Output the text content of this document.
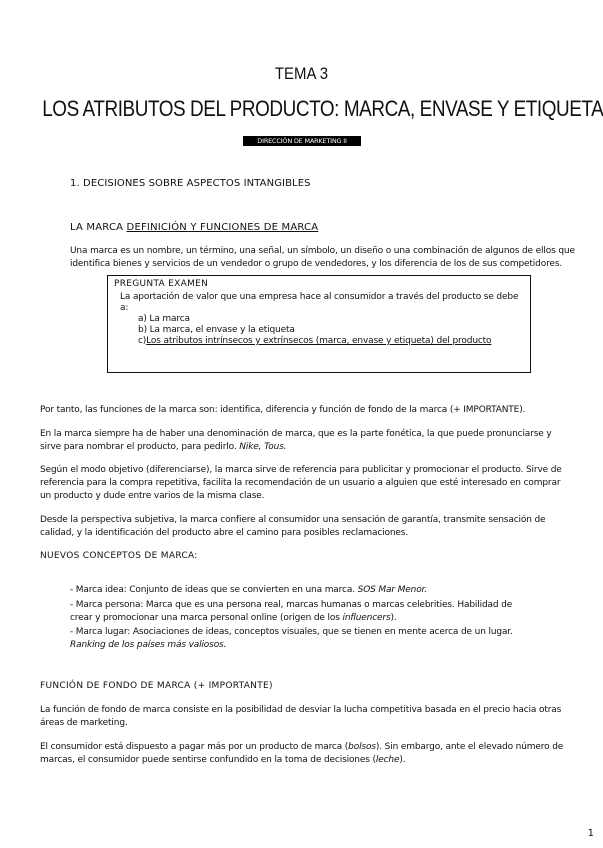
TEMA 3
LOS ATRIBUTOS DEL PRODUCTO: MARCA, ENVASE Y ETIQUETA
DIRECCIÓN DE MARKETING II
1. DECISIONES SOBRE ASPECTOS INTANGIBLES
LA MARCA DEFINICIÓN Y FUNCIONES DE MARCA
Una marca es un nombre, un término, una señal, un símbolo, un diseño o una combinación de algunos de ellos que
identifica bienes y servicios de un vendedor o grupo de vendedores, y los diferencia de los de sus competidores.
PREGUNTA EXAMEN
La aportación de valor que una empresa hace al consumidor a través del producto se debe
a:
a) La marca
b) La marca, el envase y la etiqueta
c)Los atributos intrínsecos y extrínsecos (marca, envase y etiqueta) del producto
Por tanto, las funciones de la marca son: identifica, diferencia y función de fondo de la marca (+ IMPORTANTE).
En la marca siempre ha de haber una denominación de marca, que es la parte fonética, la que puede pronunciarse y
sirve para nombrar el producto, para pedirlo. Nike, Tous.
Según el modo objetivo (diferenciarse), la marca sirve de referencia para publicitar y promocionar el producto. Sirve de
referencia para la compra repetitiva, facilita la recomendación de un usuario a alguien que esté interesado en comprar
un producto y dude entre varios de la misma clase.
Desde la perspectiva subjetiva, la marca confiere al consumidor una sensación de garantía, transmite sensación de
calidad, y la identificación del producto abre el camino para posibles reclamaciones.
NUEVOS CONCEPTOS DE MARCA:
- Marca idea: Conjunto de ideas que se convierten en una marca. SOS Mar Menor.
- Marca persona: Marca que es una persona real, marcas humanas o marcas celebrities. Habilidad de
crear y promocionar una marca personal online (origen de los influencers).
- Marca lugar: Asociaciones de ideas, conceptos visuales, que se tienen en mente acerca de un lugar.
Ranking de los países más valiosos.
FUNCIÓN DE FONDO DE MARCA (+ IMPORTANTE)
La función de fondo de marca consiste en la posibilidad de desviar la lucha competitiva basada en el precio hacia otras
áreas de marketing.
El consumidor está dispuesto a pagar más por un producto de marca (bolsos). Sin embargo, ante el elevado número de
marcas, el consumidor puede sentirse confundido en la toma de decisiones (leche).
1
